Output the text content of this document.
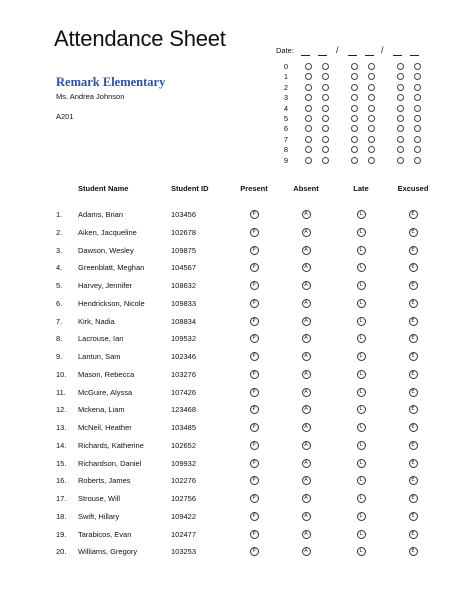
Attendance Sheet
Remark Elementary
Ms. Andrea Johnson
A201
Date:	/	/
0
1
2
3
4
5
6
7
8
9
Student Name	Student ID	Present	Absent	Late	Excused
1. Adams, Brian	103456	P	A	L	E
2. Aiken, Jacqueline	102678	P	A	L	E
3. Dawson, Wesley	109875	P	A	L	E
4. Greenblatt, Meghan	104567	P	A	L	E
5. Harvey, Jennifer	108632	P	A	L	E
6. Hendrickson, Nicole	109833	P	A	L	E
7. Kirk, Nadia	108834	P	A	L	E
8. Lacrouse, Ian	109532	P	A	L	E
9. Lantun, Sam	102346	P	A	L	E
10. Mason, Rebecca	103276	P	A	L	E
11. McGuire, Alyssa	107426	P	A	L	E
12. Mckena, Liam	123468	P	A	L	E
13. McNeil, Heather	103485	P	A	L	E
14. Richards, Katherine	102652	P	A	L	E
15. Richardson, Daniel	109932	P	A	L	E
16. Roberts, James	102276	P	A	L	E
17. Strouse, Will	102756	P	A	L	E
18. Swift, Hillary	109422	P	A	L	E
19. Tarabicos, Evan	102477	P	A	L	E
20. Williams, Gregory	103253	P	A	L	E
